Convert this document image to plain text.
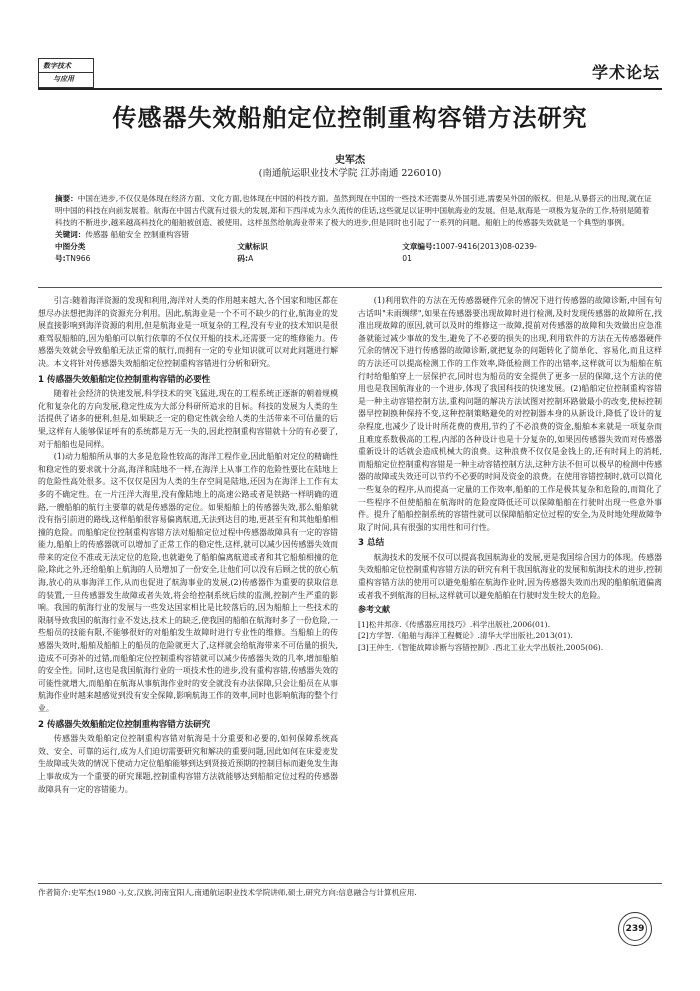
数字技术
与应用	学术论坛
传感器失效船舶定位控制重构容错方法研究
史军杰
(南通航运职业技术学院 江苏南通 226010)
摘要：中国在进步,不仅仅是体现在经济方面、文化方面,也体现在中国的科技方面。虽然到现在中国的一些技术还需要从外国引进,需要吴外国的版权。但是,从暴搭云的出现,就在证明中国的科技在向前发展着。航海在中国古代就有过很大的发展,郑和下西洋成为永久流传的佳话,这些就足以证明中国航海业的发展。但是,航海是一项极为复杂的工作,特别是随着科技的不断进步,越来越高科技化的船舶被创造、被使用。这样虽然给航海业带来了极大的进步,但是同时也引起了一系列的问题。船舶上的传感器失效就是一个典型的事例。
关键词：传感器 船舶安全 控制重构容错
中图分类号:TN966
文献标识码:A
文章编号:1007-9416(2013)08-0239-01

引言:随着海洋资源的发现和利用,海洋对人类的作用越来越大,各个国家和地区都在想尽办法想把海洋的资源充分利用。因此,航海业是一个不可不缺少的行业,航海业的发展直接影响到海洋资源的利用,但是航海业是一项复杂的工程,没有专业的技术知识是很难驾驭船舶的,因为船舶可以航行依靠的不仅仅开船的技术,还需要一定的维修能力。传感器失效就会导致船舶无法正常的航行,而拥有一定的专业知识就可以对此问题进行解决。本文将针对传感器失效船舶定位控制重构容错进行分析和研究。

1 传感器失效船舶定位控制重构容错的必要性

随着社会经济的快速发展,科学技术的突飞猛进,现在的工程系统正逐渐的朝着规模化和复杂化的方向发展,稳定性成为大部分科研所追求的目标。科技的发展为人类的生活提供了诸多的便利,但是,如果缺乏一定的稳定性就会给人类的生活带来不可估量的后果,这样有人能够保证呼有的系统都是万无一失的,因此控制重构容错就十分的有必要了,对于船舶也是同样。

(1)动力船舶所从事的大多是危险性较高的海洋工程作业,因此船舶对定位的精确性和稳定性的要求就十分高,海洋和陆地不一样,在海洋上从事工作的危险性要比在陆地上的危险性高处很多。这不仅仅是因为人类的生存空间是陆地,还因为在海洋上工作有太多的不确定性。在一片汪洋大海里,没有像陆地上的高速公路或者是铁路一样明确的道路,一艘船舶的航行主要靠的就是传感器的定位。如果船舶上的传感器失效,那么船舶就没有指引前进的路线,这样船舶很容易偏离航道,无法到达目的地,更甚至有和其他船舶相撞的危险。而船舶定位控制重构容错方法对船舶定位过程中传感器故障具有一定的容错能力,船舶上的传感器就可以增加了正常工作的稳定性,这样,就可以减少因传感器失效而带来的定位不准或无法定位的危险,也就避免了船舶偏离航道或者和其它船舶相撞的危险,除此之外,还给船舶上航海的人员增加了一份安全,让他们可以没有后顾之忧的放心航海,放心的从事海洋工作,从而也促进了航海事业的发展,(2)传感器作为重要的获取信息的装置,一旦传感器发生故障或者失效,将会给控制系统后续的监测,控制产生严重的影响。我国的航海行业的发展与一些发达国家相比是比较落后的,因为船舶上一些技术的限制导致我国的航海行业不发达,技术上的缺乏,使我国的船舶在航海时多了一份危险,一些船员的技能有限,不能够很好的对船舶发生故障时进行专业性的维修。当船舶上的传感器失效时,船舶及船舶上的船员的危险就更大了,这样就会给航海带来不可估量的损失,造成不可弥补的过错,而船舶定位控制重构容错就可以减少传感器失效的几率,增加船舶的安全性。同时,这也是我国航海行业的一项技术性的进步,没有重构容错,传感器失效的可能性就增大,而船舶在航海从事航海作业时的安全就没有办法保障,只会让船员在从事航海作业时越来越感觉到没有安全保障,影响航海工作的效率,同时也影响航海的整个行业。

2 传感器失效船舶定位控制重构容错方法研究

传感器失效船舶定位控制重构容错对航海是十分重要和必要的,如何保障系统高效、安全、可靠的运行,成为人们迫切需要研究和解决的重要问题,因此如何在床爱麦发生故障或失效的情况下使动力定位船舶能够到达到贤接近预期的控制目标而避免发生海上事故成为一个重要的研究课题,控制重构容错方法就能够达到船舶定位过程的传感器故障具有一定的容错能力。

(1)利用软件的方法在无传感器硬件冗余的情况下进行传感器的故障诊断,中国有句古话叫"未雨绸缪",如果在传感器要出现故障时进行检测,及时发现传感器的故障所在,找准出现故障的原因,就可以及时的维修这一故障,提前对传感器的故障和失效做出应急准备就能过减少事故的发生,避免了不必要的损失的出现,利用软件的方法在无传感器硬件冗余的情况下进行传感器的故障诊断,就把复杂的问题转化了简单化、容易化,而且这样的方法还可以提高检测工作的工作效率,降低检测工作的出错率,这样就可以为船舶在航行时给船舶穿上一层保护衣,同时也为船员的安全提供了更多一层的保障,这个方法的使用也是我国航海业的一个进步,体现了我国科技的快速发展。(2)船舶定位控制重构容错是一种主动容错控制方法,重构问题的解决方法试图对控制环路做最小的改变,使标控制器早控制换种保持不变,这种控制策略避免的对控制器本身的从新设计,降低了设计的复杂程度,也减少了设计时所花费的费用,节约了不必浪费的资金,船舶本来就是一项复杂而且难度系数极高的工程,内部的各种设计也是十分复杂的,如果因传感器失效而对传感器重新设计的话就会造成机械大的浪费。这种浪费不仅仅是金钱上的,还有时间上的消耗,而船舶定位控制重构容错是一种主动容错控制方法,这种方法不但可以极早的检测中传感器的故障或失效还可以节约不必要的时间及资金的浪费。在使用容错控制时,就可以简化一些复杂的程序,从而提高一定量的工作效率,船舶的工作是极其复杂和危险的,而简化了一些程序不但使船舶在航海时的危险度降低还可以保障船舶在行驶时出现一些意外事件。提升了船舶控制系统的容错性就可以保障船舶定位过程的安全,为及时地处理故障争取了时间,具有很强的实用性和可行性。

3 总结

航海技术的发展不仅可以提高我国航海业的发展,更是我国综合国力的体现。传感器失效船舶定位控制重构容错方法的研究有利于我国航海业的发展和航海技术的进步,控制重构容错方法的使用可以避免船舶在航海作业时,因为传感器失效而出现的船舶航道偏离或者我不到航海的目标,这样就可以避免船舶在行驶时发生较大的危险。

参考文献

[1]松井邦彦.《传感器应用技巧》.科学出版社,2006(01).

[2]方学智.《船舶与海洋工程概论》.清华大学出版社,2013(01).

[3]王仲生.《智能故障诊断与容错控制》.西北工业大学出版社,2005(06).

作者简介:史军杰(1980 -),女,汉族,河南宜阳人,南通航运职业技术学院讲师,硕士,研究方向:信息融合与计算机应用.
239
